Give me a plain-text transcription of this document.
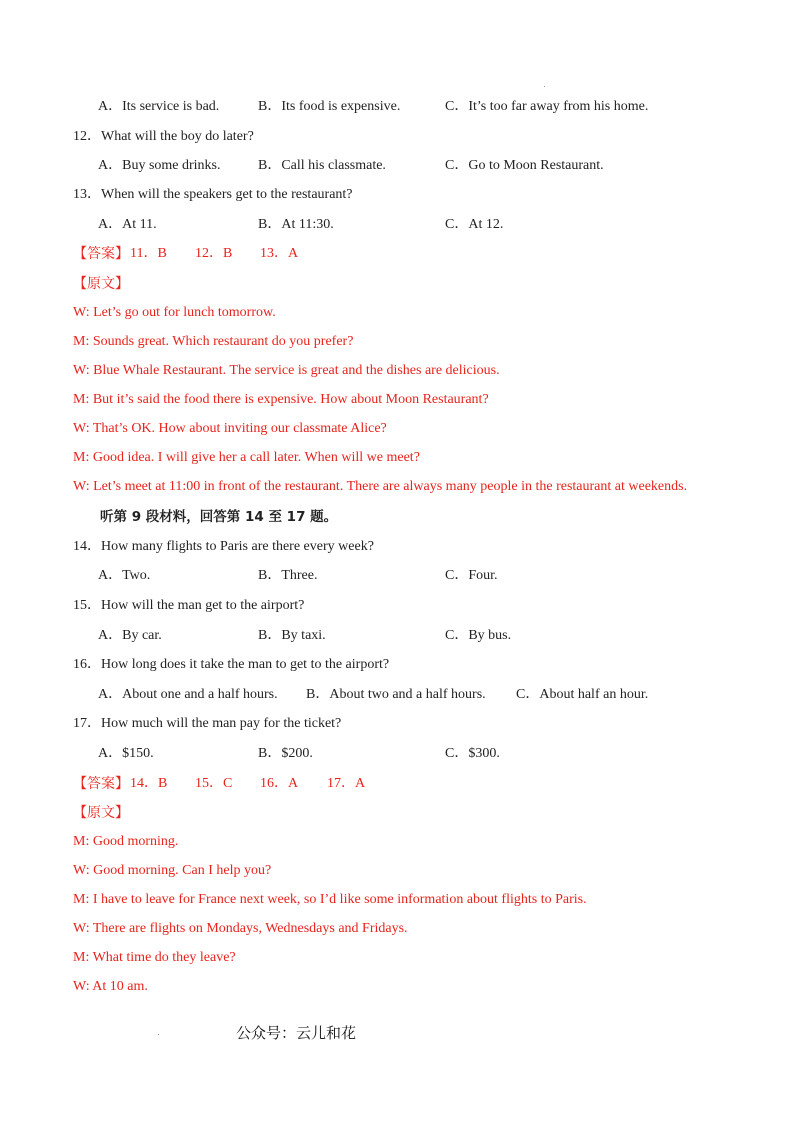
A．Its service is bad.	B．Its food is expensive.	C．It’s too far away from his home.
12．What will the boy do later?
A．Buy some drinks.	B．Call his classmate.	C．Go to Moon Restaurant.
13．When will the speakers get to the restaurant?
A．At 11.	B．At 11:30.	C．At 12.
【答案】 11．B 12．B 13．A
【原文】
W: Let’s go out for lunch tomorrow.
M: Sounds great. Which restaurant do you prefer?
W: Blue Whale Restaurant. The service is great and the dishes are delicious.
M: But it’s said the food there is expensive. How about Moon Restaurant?
W: That’s OK. How about inviting our classmate Alice?
M: Good idea. I will give her a call later. When will we meet?
W: Let’s meet at 11:00 in front of the restaurant. There are always many people in the restaurant at weekends.
听第 9 段材料，回答第 14 至 17 题。
14．How many flights to Paris are there every week?
A．Two.	B．Three.	C．Four.
15．How will the man get to the airport?
A．By car.	B．By taxi.	C．By bus.
16．How long does it take the man to get to the airport?
A．About one and a half hours. B．About two and a half hours. C．About half an hour.
17．How much will the man pay for the ticket?
A．$150.	B．$200.	C．$300.
【答案】 14．B 15．C 16．A 17．A
【原文】
M: Good morning.
W: Good morning. Can I help you?
M: I have to leave for France next week, so I’d like some information about flights to Paris.
W: There are flights on Mondays, Wednesdays and Fridays.
M: What time do they leave?
W: At 10 am.
公众号：云儿和花
